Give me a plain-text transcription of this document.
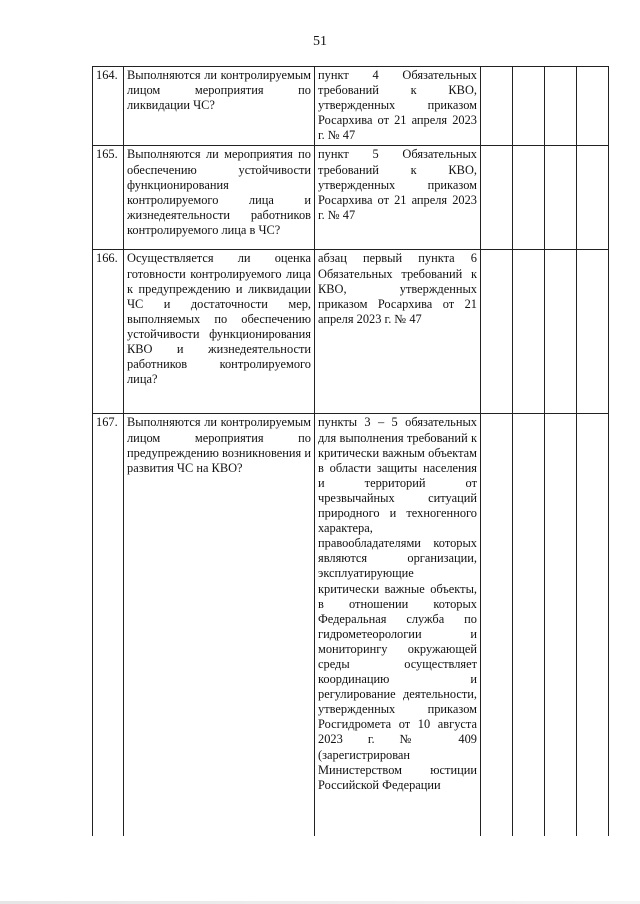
51
164.	Выполняются ли контролируемым лицом мероприятия по ликвидации ЧС?	пункт 4 Обязательных требований к КВО, утвержденных приказом Росархива от 21 апреля 2023 г. № 47				
165.	Выполняются ли мероприятия по обеспечению устойчивости функционирования контролируемого лица и жизнедеятельности работников контролируемого лица в ЧС?	пункт 5 Обязательных требований к КВО, утвержденных приказом Росархива от 21 апреля 2023 г. № 47				
166.	Осуществляется ли оценка готовности контролируемого лица к предупреждению и ликвидации ЧС и достаточности мер, выполняемых по обеспечению устойчивости функционирования КВО и жизнедеятельности работников контролируемого лица?	абзац первый пункта 6 Обязательных требований к КВО, утвержденных приказом Росархива от 21 апреля 2023 г. № 47				
167.	Выполняются ли контролируемым лицом мероприятия по предупреждению возникновения и развития ЧС на КВО?	пункты 3 – 5 обязательных для выполнения требований к критически важным объектам в области защиты населения и территорий от чрезвычайных ситуаций природного и техногенного характера, правообладателями которых являются организации, эксплуатирующие критически важные объекты, в отношении которых Федеральная служба по гидрометеорологии и мониторингу окружающей среды осуществляет координацию и регулирование деятельности, утвержденных приказом Росгидромета от 10 августа 2023 г. № 409 (зарегистрирован Министерством юстиции Российской Федерации				
